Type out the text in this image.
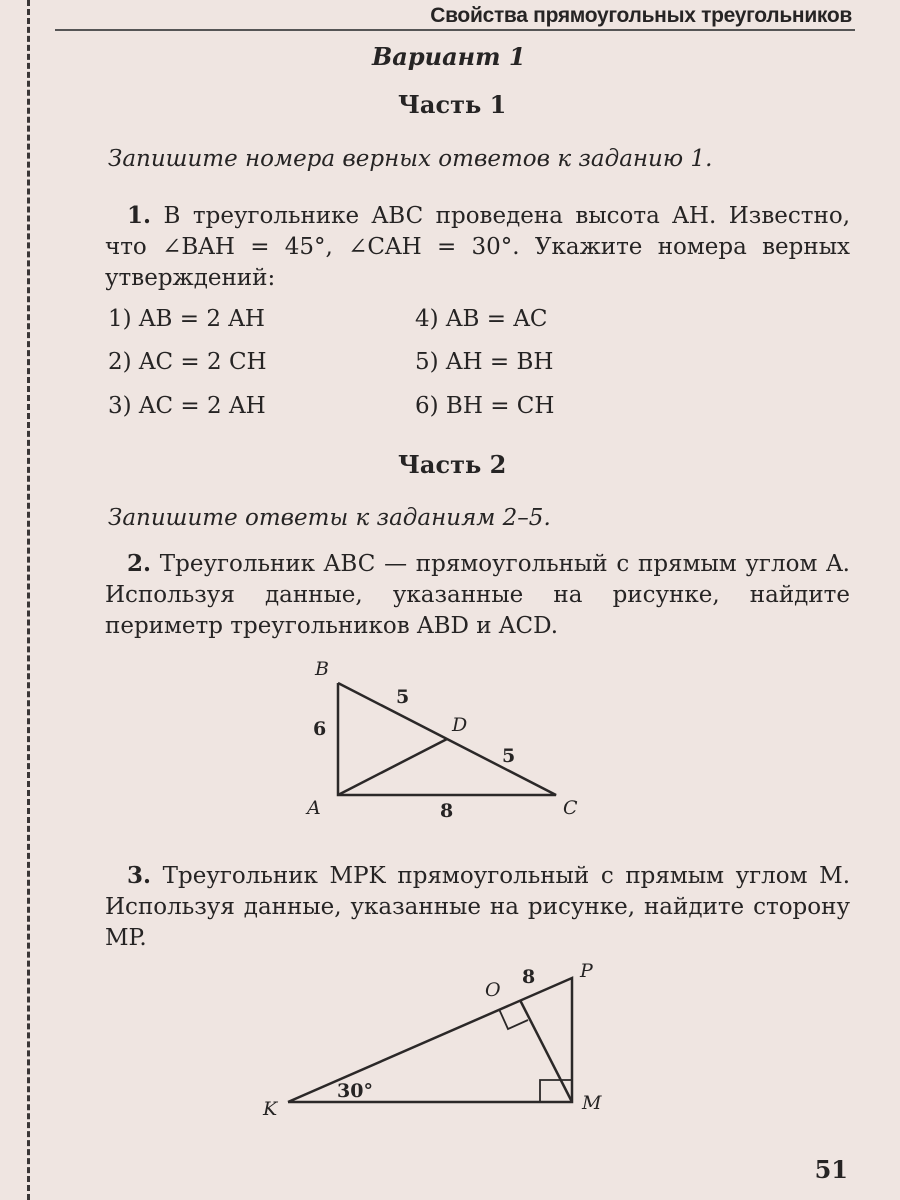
Свойства прямоугольных треугольников
Вариант 1
Часть 1
Запишите номера верных ответов к заданию 1.
1. В треугольнике ABC проведена высота AH. Известно, что ∠BAH = 45°, ∠CAH = 30°. Укажите номера верных утверждений:
1) AB = 2 AH
2) AC = 2 CH
3) AC = 2 AH
4) AB = AC
5) AH = BH
6) BH = CH
Часть 2
Запишите ответы к заданиям 2–5.
2. Треугольник ABC — прямоугольный с прямым углом A. Используя данные, указанные на рисунке, найдите периметр треугольников ABD и ACD.
B
A	C
D
6
5
5
8
3. Треугольник MPK прямоугольный с прямым углом M. Используя данные, указанные на рисунке, найдите сторону MP.
K
P
M
O
8
30°
51
